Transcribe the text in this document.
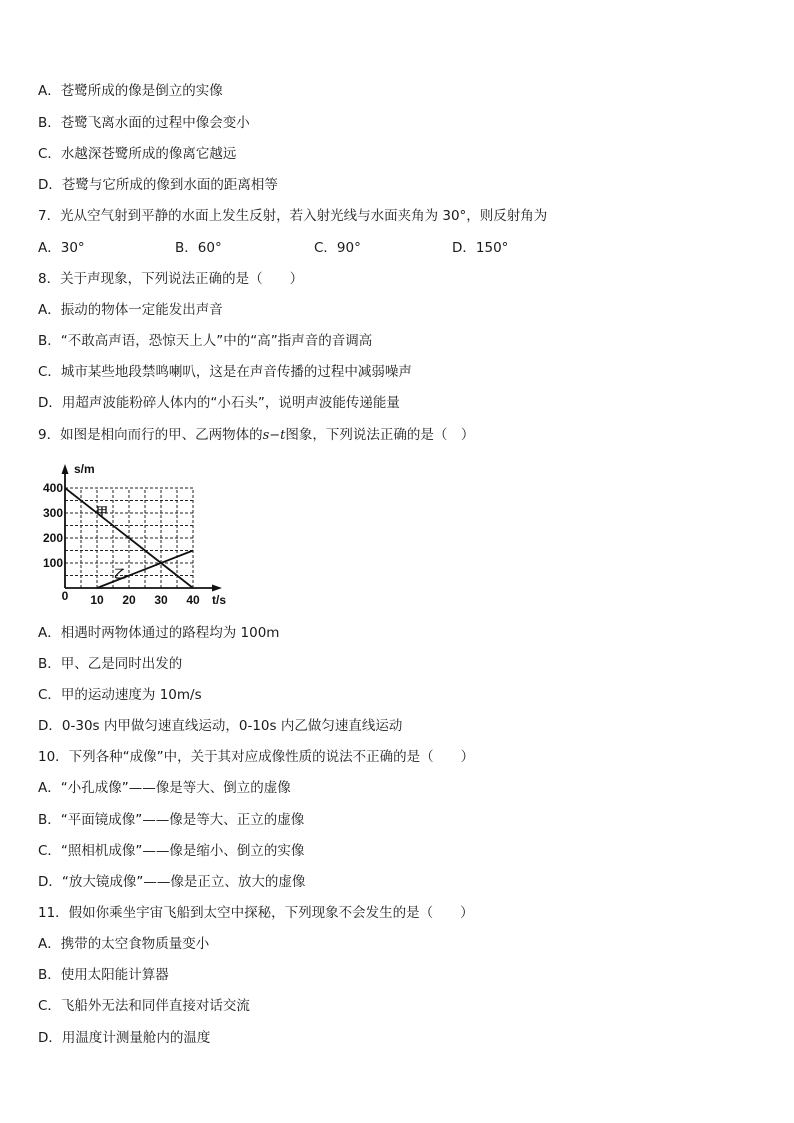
A．苍鹭所成的像是倒立的实像
B．苍鹭飞离水面的过程中像会变小
C．水越深苍鹭所成的像离它越远
D．苍鹭与它所成的像到水面的距离相等
7．光从空气射到平静的水面上发生反射，若入射光线与水面夹角为 30°，则反射角为
A．30°	B．60°	C．90°	D．150°
8．关于声现象，下列说法正确的是（　　）
A．振动的物体一定能发出声音
B．“不敢高声语，恐惊天上人”中的“高”指声音的音调高
C．城市某些地段禁鸣喇叭，这是在声音传播的过程中减弱噪声
D．用超声波能粉碎人体内的“小石头”，说明声波能传递能量
9．如图是相向而行的甲、乙两物体的s−t图象，下列说法正确的是（　）
甲
乙
100
200
300
400
10 20 30 40
0
s/m
t/s
A．相遇时两物体通过的路程均为 100m
B．甲、乙是同时出发的
C．甲的运动速度为 10m/s
D．0-30s 内甲做匀速直线运动，0-10s 内乙做匀速直线运动
10．下列各种“成像”中，关于其对应成像性质的说法不正确的是（　　）
A．“小孔成像”——像是等大、倒立的虚像
B．“平面镜成像”——像是等大、正立的虚像
C．“照相机成像”——像是缩小、倒立的实像
D．“放大镜成像”——像是正立、放大的虚像
11．假如你乘坐宇宙飞船到太空中探秘，下列现象不会发生的是（　　）
A．携带的太空食物质量变小
B．使用太阳能计算器
C．飞船外无法和同伴直接对话交流
D．用温度计测量舱内的温度
